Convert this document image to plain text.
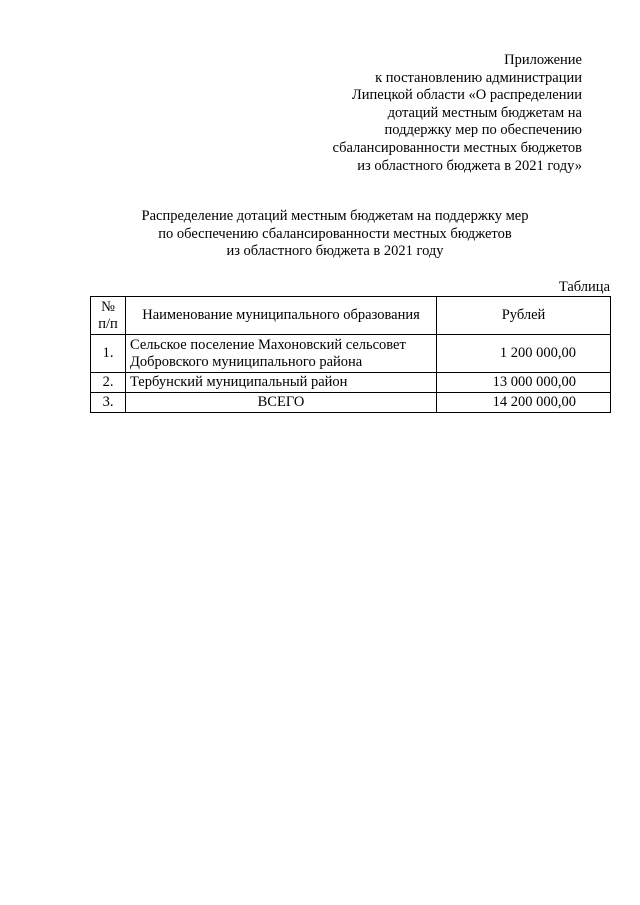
Приложение
к постановлению администрации
Липецкой области «О распределении
дотаций местным бюджетам на
поддержку мер по обеспечению
сбалансированности местных бюджетов
из областного бюджета в 2021 году»
Распределение дотаций местным бюджетам на поддержку мер
по обеспечению сбалансированности местных бюджетов
из областного бюджета в 2021 году
Таблица
№ п/п	Наименование муниципального образования	Рублей
1.	Сельское поселение Махоновский сельсовет Добровского муниципального района	1 200 000,00
2.	Тербунский муниципальный район	13 000 000,00
3.	ВСЕГО	14 200 000,00
